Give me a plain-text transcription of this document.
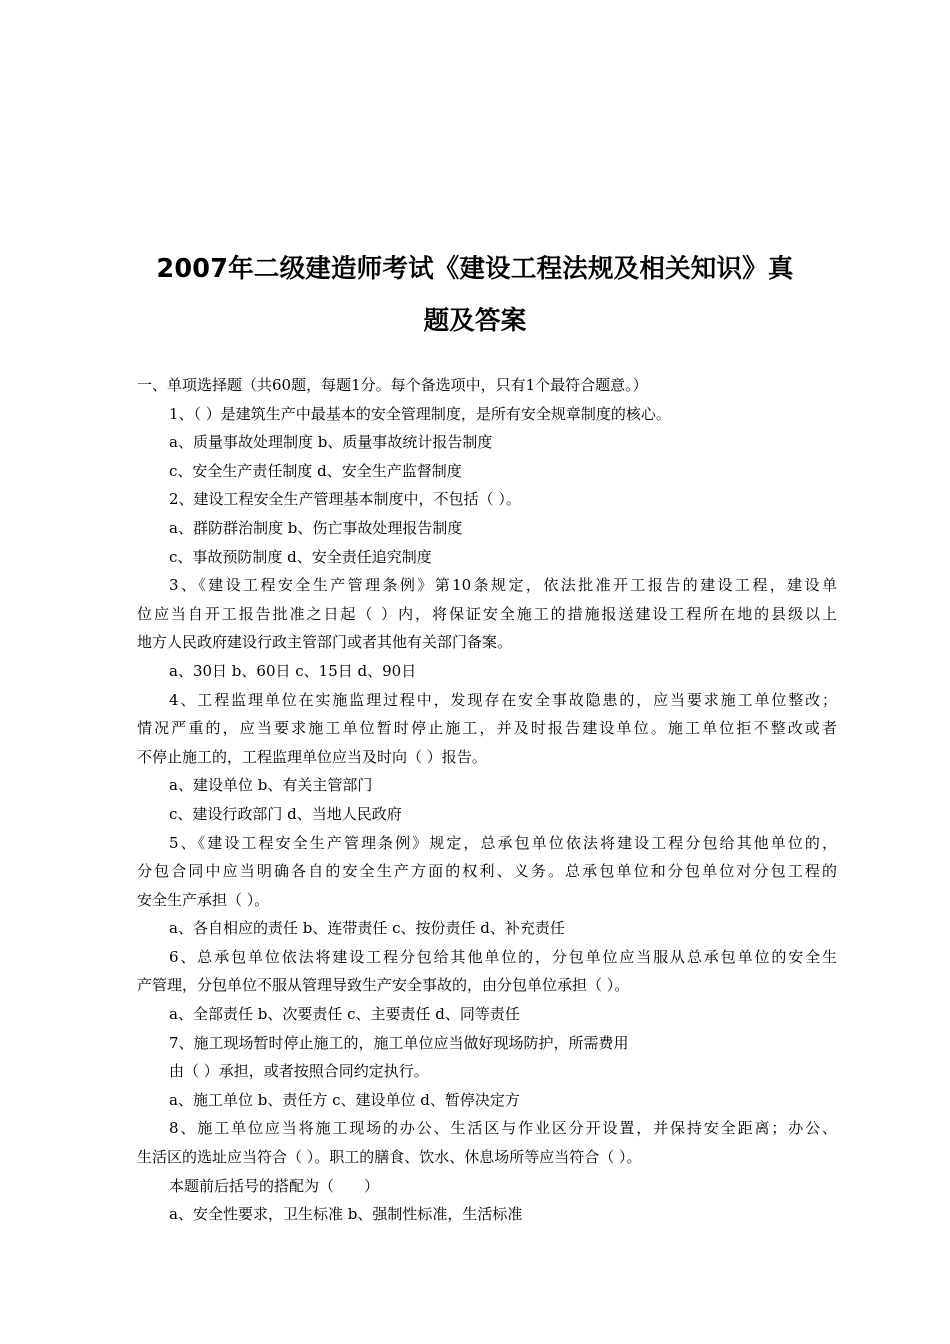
2007年二级建造师考试《建设工程法规及相关知识》真
题及答案
一、单项选择题（共60题，每题1分。每个备选项中，只有1个最符合题意。）
1、（ ）是建筑生产中最基本的安全管理制度，是所有安全规章制度的核心。
a、质量事故处理制度 b、质量事故统计报告制度
c、安全生产责任制度 d、安全生产监督制度
2、建设工程安全生产管理基本制度中，不包括（ ）。
a、群防群治制度 b、伤亡事故处理报告制度
c、事故预防制度 d、安全责任追究制度
3、《建设工程安全生产管理条例》第10条规定，依法批准开工报告的建设工程，建设单
位应当自开工报告批准之日起（ ）内，将保证安全施工的措施报送建设工程所在地的县级以上
地方人民政府建设行政主管部门或者其他有关部门备案。
a、30日 b、60日 c、15日 d、90日
4、工程监理单位在实施监理过程中，发现存在安全事故隐患的，应当要求施工单位整改；
情况严重的，应当要求施工单位暂时停止施工，并及时报告建设单位。施工单位拒不整改或者
不停止施工的，工程监理单位应当及时向（ ）报告。
a、建设单位 b、有关主管部门
c、建设行政部门 d、当地人民政府
5、《建设工程安全生产管理条例》规定，总承包单位依法将建设工程分包给其他单位的，
分包合同中应当明确各自的安全生产方面的权利、义务。总承包单位和分包单位对分包工程的
安全生产承担（ ）。
a、各自相应的责任 b、连带责任 c、按份责任 d、补充责任
6、总承包单位依法将建设工程分包给其他单位的，分包单位应当服从总承包单位的安全生
产管理，分包单位不服从管理导致生产安全事故的，由分包单位承担（ ）。
a、全部责任 b、次要责任 c、主要责任 d、同等责任
7、施工现场暂时停止施工的，施工单位应当做好现场防护，所需费用
由（ ）承担，或者按照合同约定执行。
a、施工单位 b、责任方 c、建设单位 d、暂停决定方
8、施工单位应当将施工现场的办公、生活区与作业区分开设置，并保持安全距离；办公、
生活区的选址应当符合（ ）。职工的膳食、饮水、休息场所等应当符合（ ）。
本题前后括号的搭配为（　　）
a、安全性要求，卫生标准 b、强制性标准，生活标准
